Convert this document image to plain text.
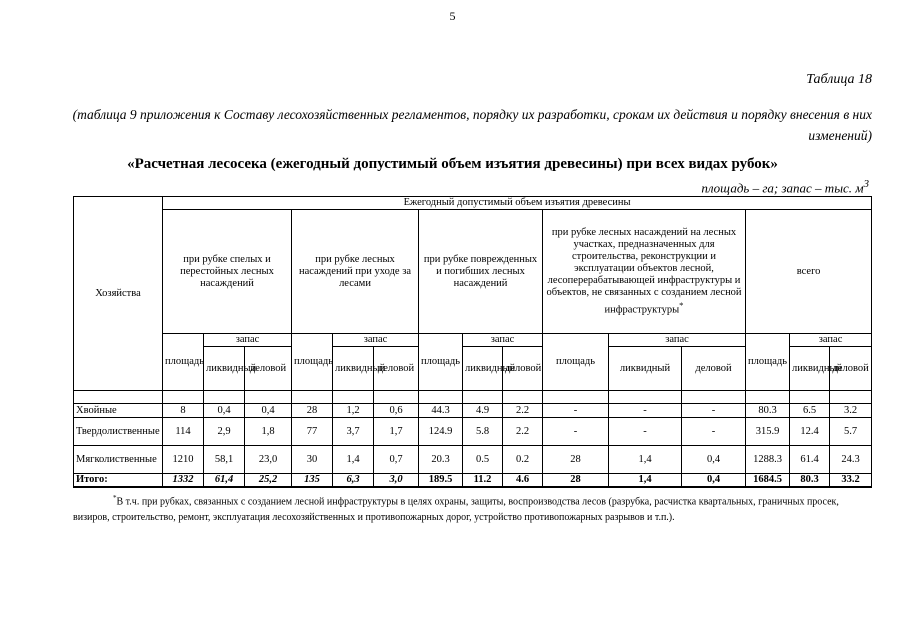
5
Таблица 18
(таблица 9 приложения к Составу лесохозяйственных регламентов, порядку их разработки, срокам их действия и порядку внесения в них изменений)
«Расчетная лесосека (ежегодный допустимый объем изъятия древесины) при всех видах рубок»
площадь – га; запас – тыс. $м^3$
Хозяйства	Ежегодный допустимый объем изъятия древесины														
	при рубке спелых и перестойных лесных насаждений			при рубке лесных насаждений при уходе за лесами			при рубке поврежденных и погибших лесных насаждений			при рубке лесных насаждений на лесных участках, предназначенных для строительства, реконструкции и эксплуатации объектов лесной, лесоперерабатывающей инфраструктуры и объектов, не связанных с созданием лесной инфраструктуры*			всего		
	площадь	запас		площадь	запас		площадь	запас		площадь	запас		площадь	запас	
		ликвидный	деловой		ликвидный	деловой		ликвидный	деловой		ликвидный	деловой		ликвидный	деловой

Хвойные	8	0,4	0,4	28	1,2	0,6	44.3	4.9	2.2	-	-	-	80.3	6.5	3.2
Твердолиственные	114	2,9	1,8	77	3,7	1,7	124.9	5.8	2.2	-	-	-	315.9	12.4	5.7
Мягколиственные	1210	58,1	23,0	30	1,4	0,7	20.3	0.5	0.2	28	1,4	0,4	1288.3	61.4	24.3
Итого:	1332	61,4	25,2	135	6,3	3,0	189.5	11.2	4.6	28	1,4	0,4	1684.5	80.3	33.2
*В т.ч. при рубках, связанных с созданием лесной инфраструктуры в целях охраны, защиты, воспроизводства лесов (разрубка, расчистка квартальных, граничных просек, визиров, строительство, ремонт, эксплуатация лесохозяйственных и противопожарных дорог, устройство противопожарных разрывов и т.п.).
